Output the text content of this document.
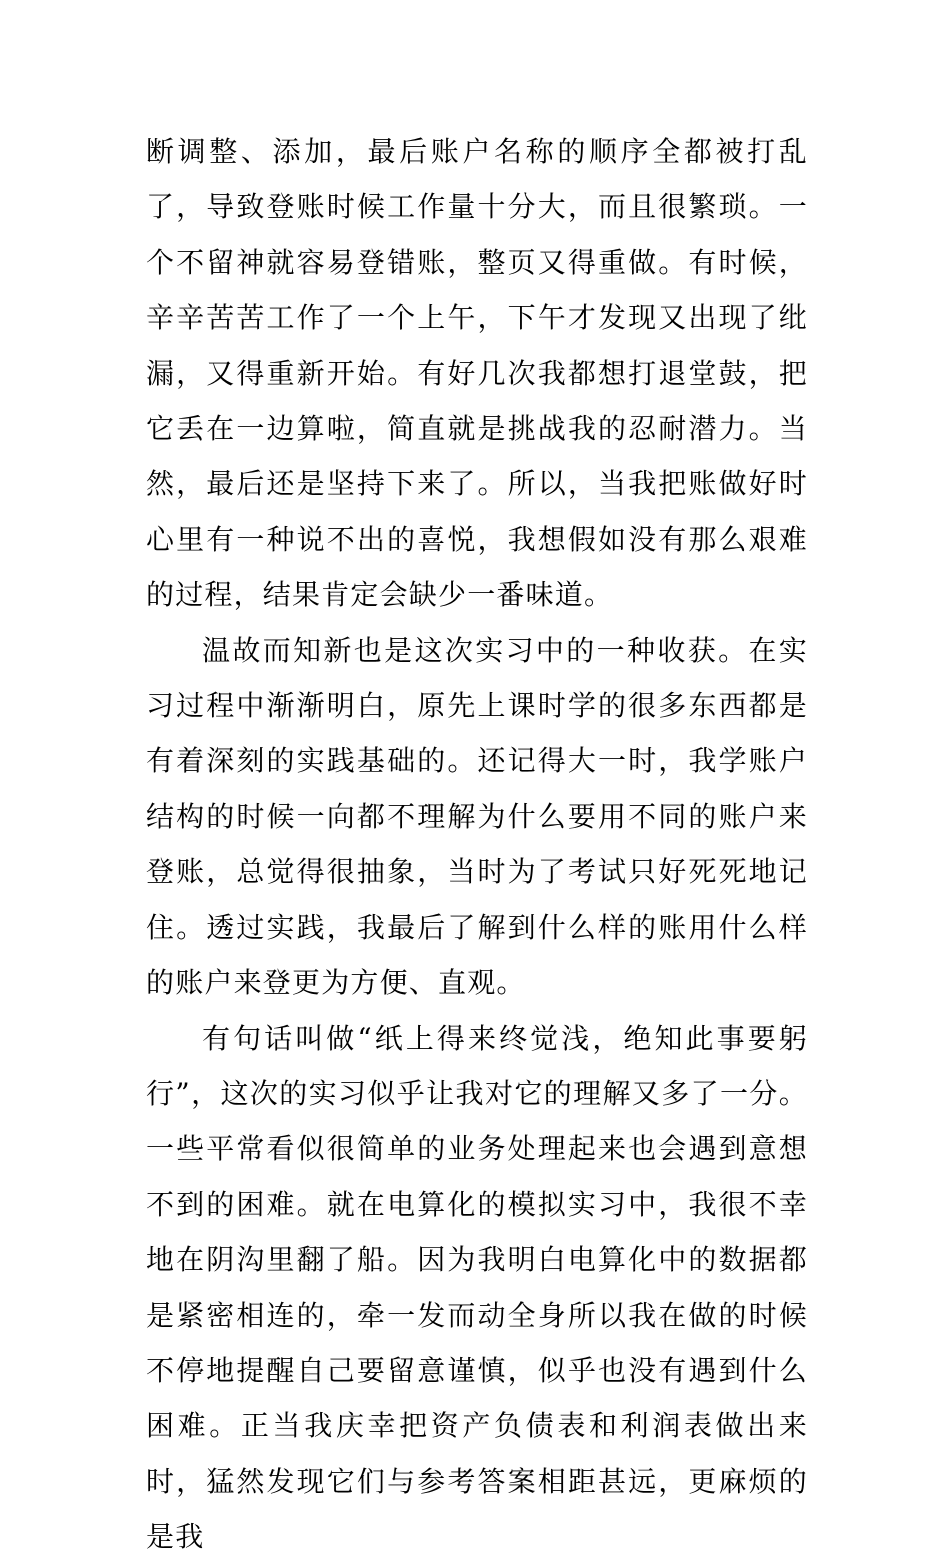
断调整、添加，最后账户名称的顺序全都被打乱了，导致登账时候工作量十分大，而且很繁琐。一个不留神就容易登错账，整页又得重做。有时候，辛辛苦苦工作了一个上午，下午才发现又出现了纰漏，又得重新开始。有好几次我都想打退堂鼓，把它丢在一边算啦，简直就是挑战我的忍耐潜力。当然，最后还是坚持下来了。所以，当我把账做好时心里有一种说不出的喜悦，我想假如没有那么艰难的过程，结果肯定会缺少一番味道。

温故而知新也是这次实习中的一种收获。在实习过程中渐渐明白，原先上课时学的很多东西都是有着深刻的实践基础的。还记得大一时，我学账户结构的时候一向都不理解为什么要用不同的账户来登账，总觉得很抽象，当时为了考试只好死死地记住。透过实践，我最后了解到什么样的账用什么样的账户来登更为方便、直观。

有句话叫做“纸上得来终觉浅，绝知此事要躬行”，这次的实习似乎让我对它的理解又多了一分。一些平常看似很简单的业务处理起来也会遇到意想不到的困难。就在电算化的模拟实习中，我很不幸地在阴沟里翻了船。因为我明白电算化中的数据都是紧密相连的，牵一发而动全身所以我在做的时候不停地提醒自己要留意谨慎，似乎也没有遇到什么困难。正当我庆幸把资产负债表和利润表做出来时，猛然发现它们与参考答案相距甚远，更麻烦的是我
